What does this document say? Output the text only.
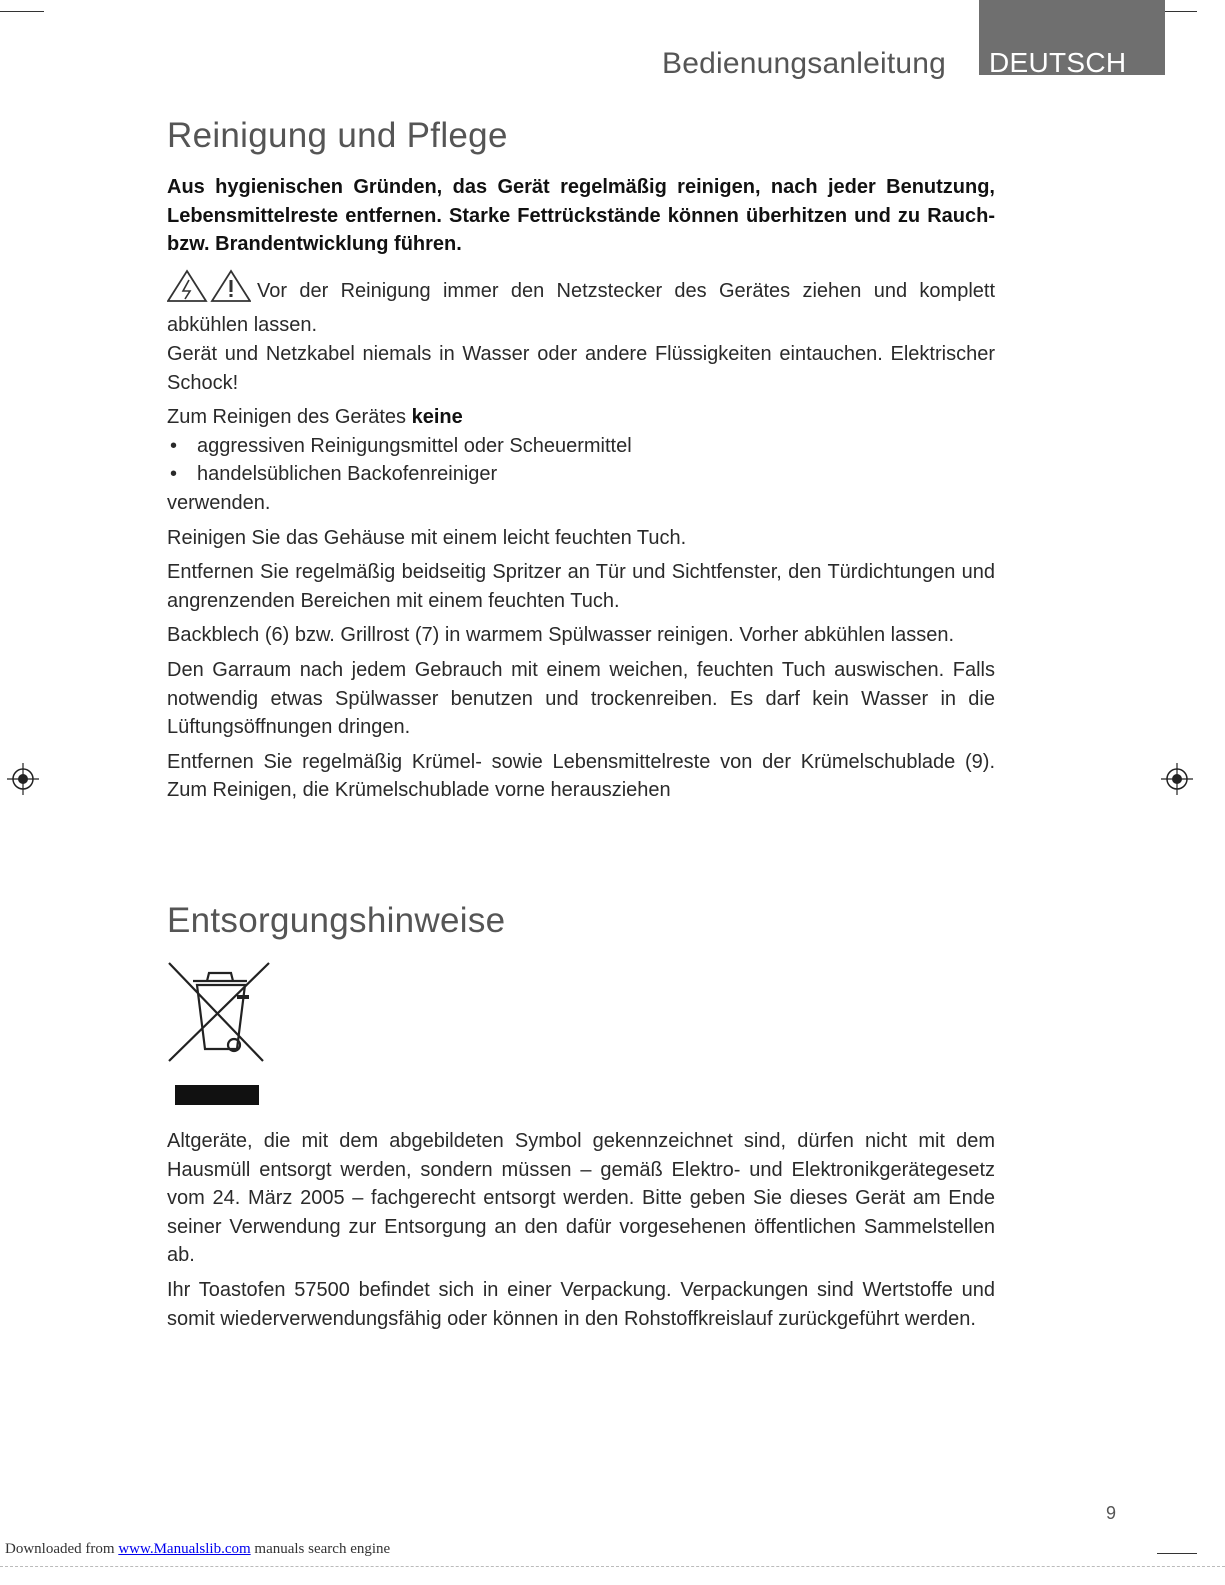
Bedienungsanleitung DEUTSCH
Reinigung und Pflege

Aus hygienischen Gründen, das Gerät regelmäßig reinigen, nach jeder Benutzung, Lebensmittelreste entfernen. Starke Fettrückstände können überhitzen und zu Rauch- bzw. Brandentwicklung führen.

Vor der Reinigung immer den Netzstecker des Gerätes ziehen und komplett abkühlen lassen.

Gerät und Netzkabel niemals in Wasser oder andere Flüssigkeiten eintauchen. Elektrischer Schock!

Zum Reinigen des Gerätes keine

• aggressiven Reinigungsmittel oder Scheuermittel
• handelsüblichen Backofenreiniger

verwenden.

Reinigen Sie das Gehäuse mit einem leicht feuchten Tuch.

Entfernen Sie regelmäßig beidseitig Spritzer an Tür und Sichtfenster, den Türdichtungen und angrenzenden Bereichen mit einem feuchten Tuch.

Backblech (6) bzw. Grillrost (7) in warmem Spülwasser reinigen. Vorher abkühlen lassen.

Den Garraum nach jedem Gebrauch mit einem weichen, feuchten Tuch auswischen. Falls notwendig etwas Spülwasser benutzen und trockenreiben. Es darf kein Wasser in die Lüftungsöffnungen dringen.

Entfernen Sie regelmäßig Krümel- sowie Lebensmittelreste von der Krümelschublade (9). Zum Reinigen, die Krümelschublade vorne herausziehen

Entsorgungshinweise

Altgeräte, die mit dem abgebildeten Symbol gekennzeichnet sind, dürfen nicht mit dem Hausmüll entsorgt werden, sondern müssen – gemäß Elektro- und Elektronikgerätegesetz vom 24. März 2005 – fachgerecht entsorgt werden. Bitte geben Sie dieses Gerät am Ende seiner Verwendung zur Entsorgung an den dafür vorgesehenen öffentlichen Sammelstellen ab.

Ihr Toastofen 57500 befindet sich in einer Verpackung. Verpackungen sind Wertstoffe und somit wiederverwendungsfähig oder können in den Rohstoffkreislauf zurückgeführt werden.

9
Downloaded from www.Manualslib.com manuals search engine
